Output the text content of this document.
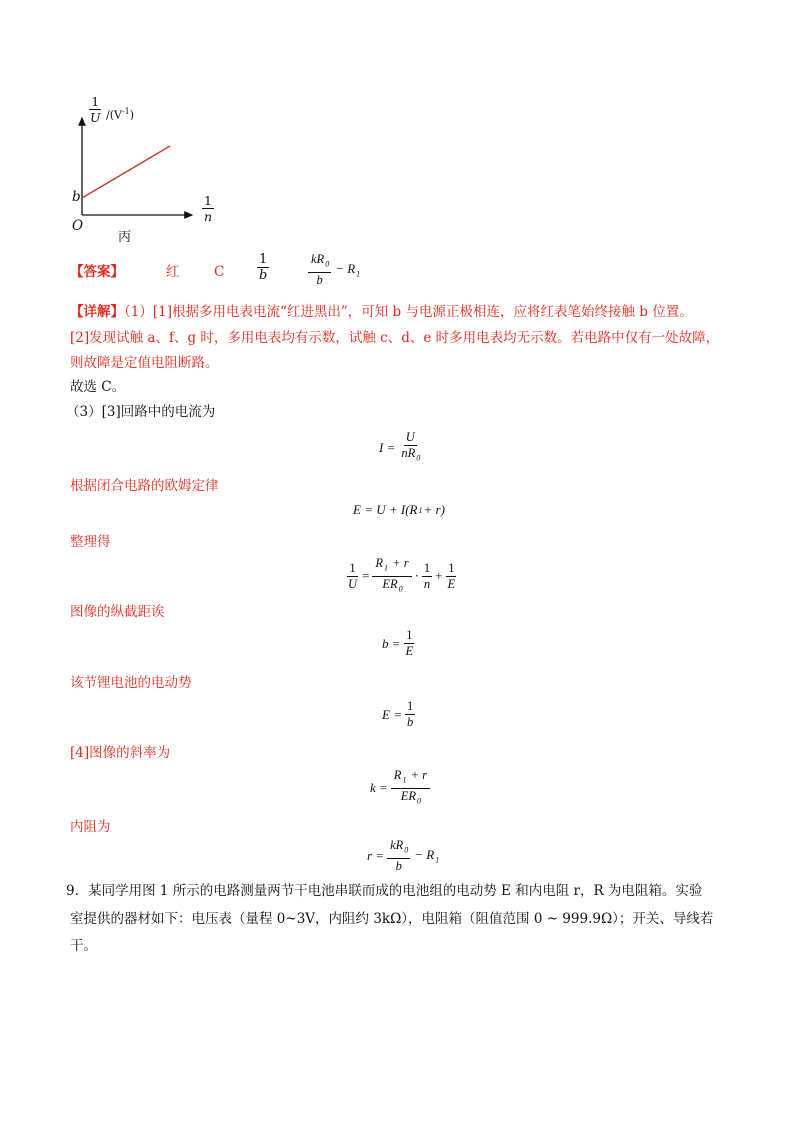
$\frac{1}{U} /(V^{-1})$
$\frac{1}{n}$
b
O
丙
【答案】	红	C	$\frac{1}{b}$	$\frac{kR_0}{b} - R_1$
【详解】（1）[1]根据多用电表电流“红进黑出”，可知 b 与电源正极相连，应将红表笔始终接触 b 位置。
[2]发现试触 a、f、g 时，多用电表均有示数，试触 c、d、e 时多用电表均无示数。若电路中仅有一处故障，
则故障是定值电阻断路。
故选 C。
（3）[3]回路中的电流为
$I = \frac{U}{nR_0}$
根据闭合电路的欧姆定律
E = U + I(R 1 + r)
整理得
$\frac{1}{U} = \frac{R_1 + r}{ER_0} \cdot \frac{1}{n} + \frac{1}{E}$
图像的纵截距诶
$b = \frac{1}{E}$
该节锂电池的电动势
$E = \frac{1}{b}$
[4]图像的斜率为
$k = \frac{R_1 + r}{ER_0}$
内阻为
$r = \frac{kR_0}{b} - R_1$
9．某同学用图 1 所示的电路测量两节干电池串联而成的电池组的电动势 E 和内电阻 r，R 为电阻箱。实验
室提供的器材如下：电压表（量程 0~3V，内阻约 3kΩ），电阻箱（阻值范围 0 ~ 999.9Ω）；开关、导线若
干。
